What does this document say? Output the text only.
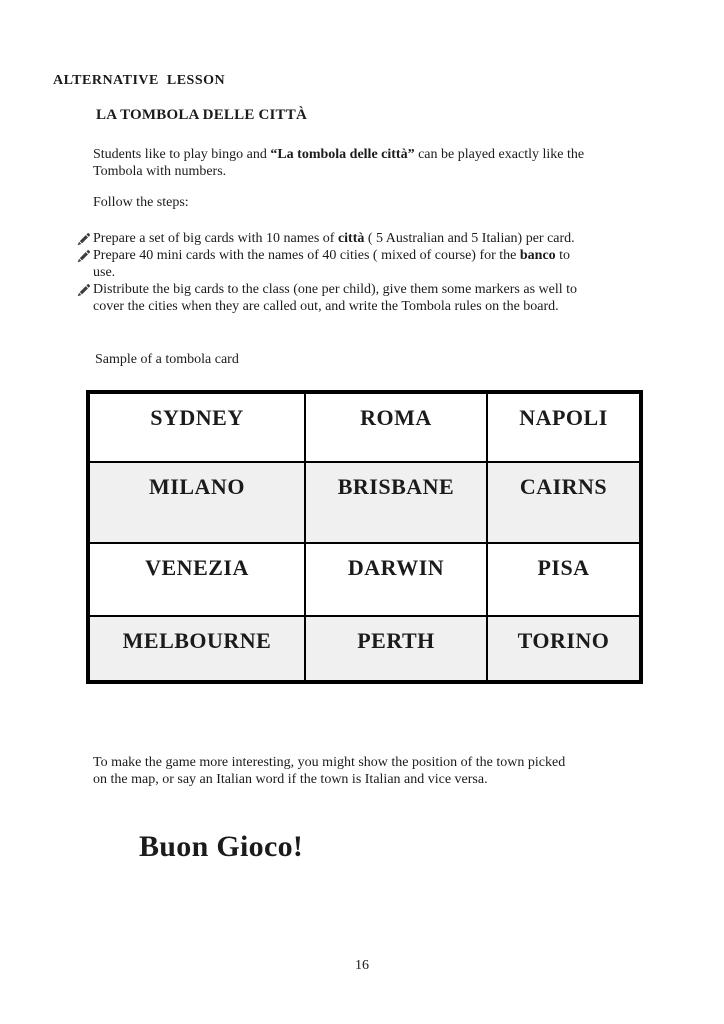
ALTERNATIVE  LESSON
LA TOMBOLA DELLE CITTÀ

Students like to play bingo and “La tombola delle città” can be played exactly like the
Tombola with numbers.

Follow the steps:
Prepare a set of big cards with 10 names of città ( 5 Australian and 5 Italian) per card.
Prepare 40 mini cards with the names of 40 cities ( mixed of course) for the banco to
use.
Distribute the big cards to the class (one per child), give them some markers as well to
cover the cities when they are called out, and write the Tombola rules on the board.
Sample of a tombola card
SYDNEY	ROMA	NAPOLI
MILANO	BRISBANE	CAIRNS
VENEZIA	DARWIN	PISA
MELBOURNE	PERTH	TORINO

To make the game more interesting, you might show the position of the town picked
on the map, or say an Italian word if the town is Italian and vice versa.

Buon Gioco!
16
